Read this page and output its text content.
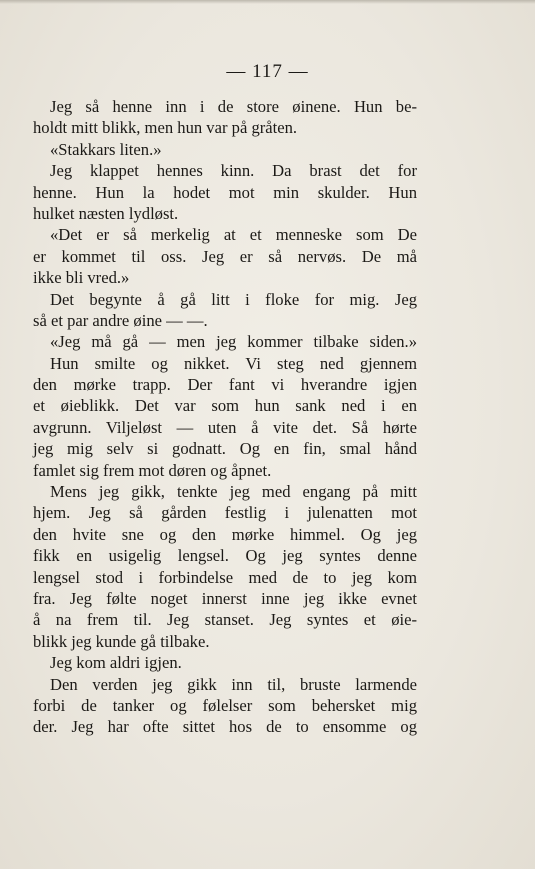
— 117 —
Jeg så henne inn i de store øinene. Hun be-
holdt mitt blikk, men hun var på gråten.
«Stakkars liten.»
Jeg klappet hennes kinn. Da brast det for
henne. Hun la hodet mot min skulder. Hun
hulket næsten lydløst.
«Det er så merkelig at et menneske som De
er kommet til oss. Jeg er så nervøs. De må
ikke bli vred.»
Det begynte å gå litt i floke for mig. Jeg
så et par andre øine — —.
«Jeg må gå — men jeg kommer tilbake siden.»
Hun smilte og nikket. Vi steg ned gjennem
den mørke trapp. Der fant vi hverandre igjen
et øieblikk. Det var som hun sank ned i en
avgrunn. Viljeløst — uten å vite det. Så hørte
jeg mig selv si godnatt. Og en fin, smal hånd
famlet sig frem mot døren og åpnet.
Mens jeg gikk, tenkte jeg med engang på mitt
hjem. Jeg så gården festlig i julenatten mot
den hvite sne og den mørke himmel. Og jeg
fikk en usigelig lengsel. Og jeg syntes denne
lengsel stod i forbindelse med de to jeg kom
fra. Jeg følte noget innerst inne jeg ikke evnet
å na frem til. Jeg stanset. Jeg syntes et øie-
blikk jeg kunde gå tilbake.
Jeg kom aldri igjen.
Den verden jeg gikk inn til, bruste larmende
forbi de tanker og følelser som behersket mig
der. Jeg har ofte sittet hos de to ensomme og
